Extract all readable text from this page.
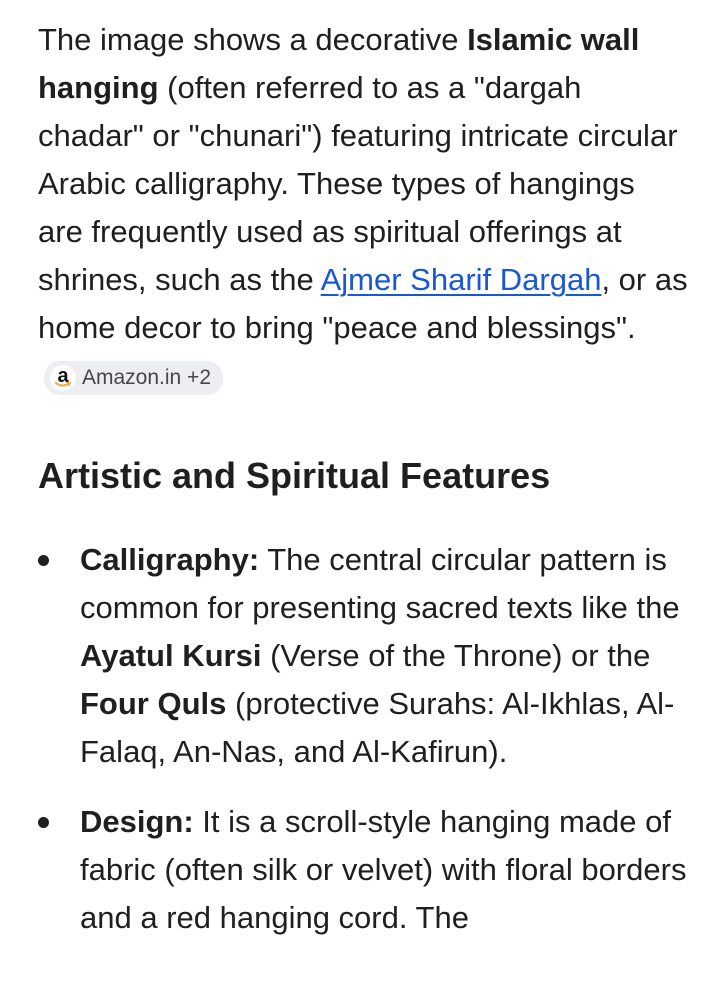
The image shows a decorative Islamic wall hanging (often referred to as a "dargah chadar" or "chunari") featuring intricate circular Arabic calligraphy. These types of hangings are frequently used as spiritual offerings at shrines, such as the Ajmer Sharif Dargah, or as home decor to bring "peace and blessings".
a Amazon.in +2

Artistic and Spiritual Features
Calligraphy: The central circular pattern is common for presenting sacred texts like the Ayatul Kursi (Verse of the Throne) or the Four Quls (protective Surahs: Al-Ikhlas, Al-Falaq, An-Nas, and Al-Kafirun).
Design: It is a scroll-style hanging made of fabric (often silk or velvet) with floral borders and a red hanging cord. The
